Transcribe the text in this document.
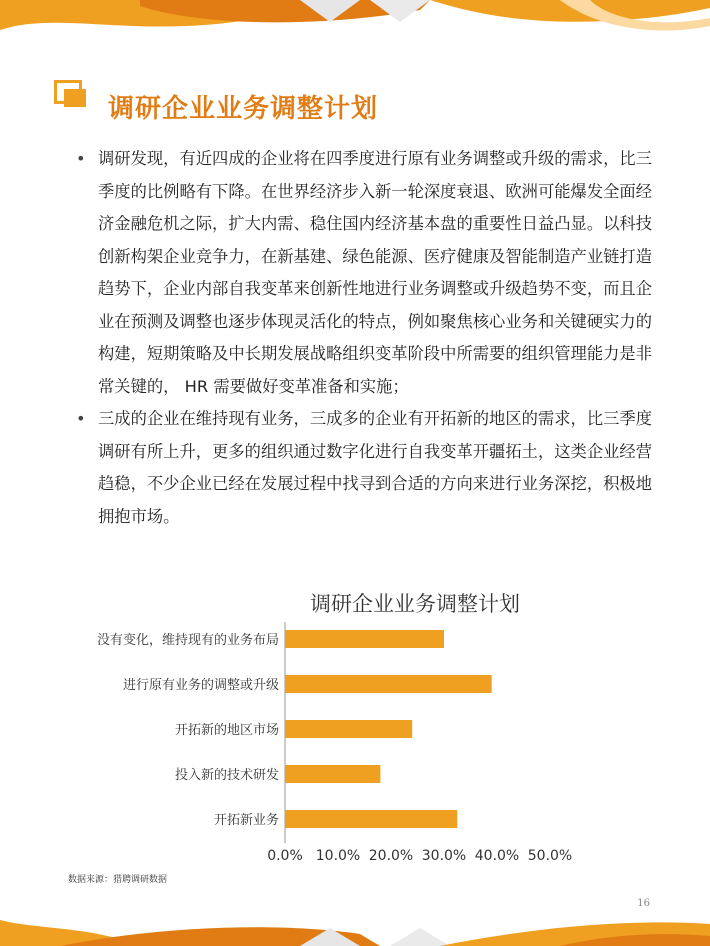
调研企业业务调整计划
• 调研发现，有近四成的企业将在四季度进行原有业务调整或升级的需求，比三季度的比例略有下降。在世界经济步入新一轮深度衰退、欧洲可能爆发全面经济金融危机之际，扩大内需、稳住国内经济基本盘的重要性日益凸显。以科技创新构架企业竞争力，在新基建、绿色能源、医疗健康及智能制造产业链打造趋势下，企业内部自我变革来创新性地进行业务调整或升级趋势不变，而且企业在预测及调整也逐步体现灵活化的特点，例如聚焦核心业务和关键硬实力的构建，短期策略及中长期发展战略组织变革阶段中所需要的组织管理能力是非常关键的， HR 需要做好变革准备和实施；
• 三成的企业在维持现有业务，三成多的企业有开拓新的地区的需求，比三季度调研有所上升，更多的组织通过数字化进行自我变革开疆拓土，这类企业经营趋稳，不少企业已经在发展过程中找寻到合适的方向来进行业务深挖，积极地拥抱市场。
调研企业业务调整计划
没有变化，维持现有的业务布局
进行原有业务的调整或升级
开拓新的地区市场
投入新的技术研发
开拓新业务
0.0% 10.0% 20.0% 30.0% 40.0% 50.0%
数据来源：猎聘调研数据
16
